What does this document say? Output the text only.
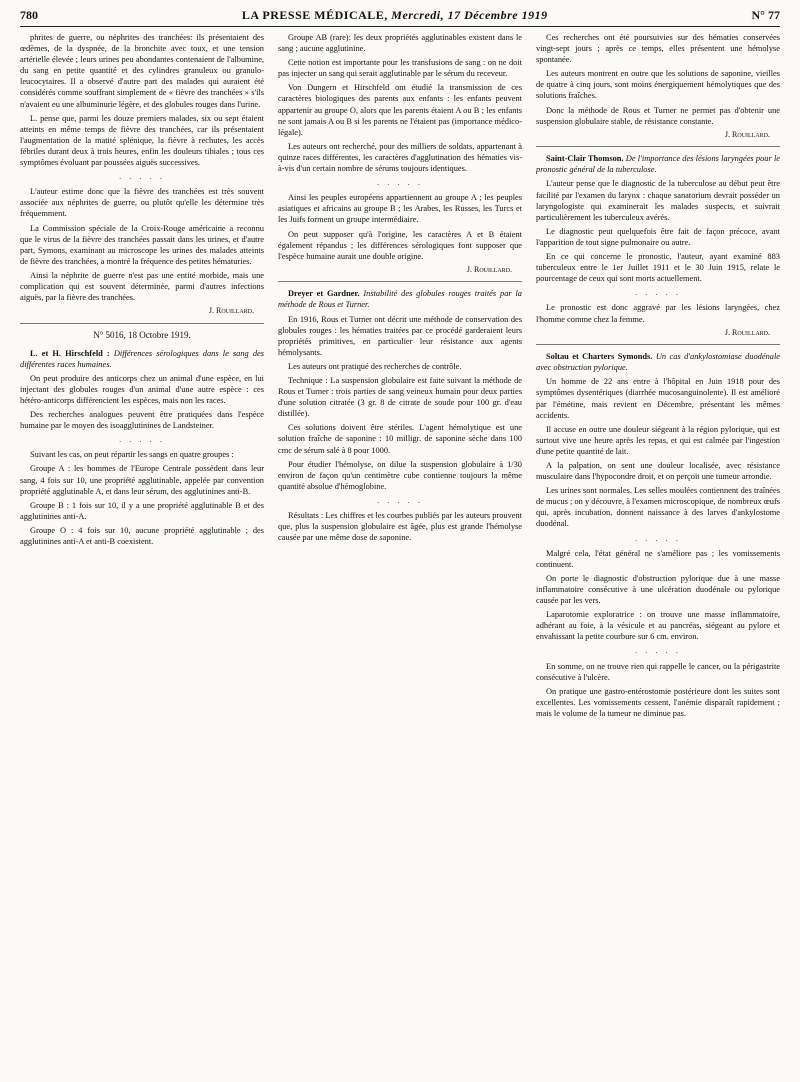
780	LA PRESSE MÉDICALE, Mercredi, 17 Décembre 1919	N° 77

phrites de guerre, ou néphrites des tranchées: ils présentaient des œdèmes, de la dyspnée, de la bronchite avec toux, et une tension artérielle élevée ; leurs urines peu abondantes contenaient de l'albumine, du sang en petite quantité et des cylindres granuleux ou granulo-leucocytaires. Il a observé d'autre part des malades qui auraient été considérés comme souffrant simplement de « fièvre des tranchées » s'ils n'avaient eu une albuminurie légère, et des globules rouges dans l'urine.

L. pense que, parmi les douze premiers malades, six ou sept étaient atteints en même temps de fièvre des tranchées, car ils présentaient l'augmentation de la matité splénique, la fièvre à rechutes, les accès fébriles durant deux à trois heures, enfin les douleurs tibiales ; tous ces symptômes évoluant par poussées aiguës successives.

. . . . .

L'auteur estime donc que la fièvre des tranchées est très souvent associée aux néphrites de guerre, ou plutôt qu'elle les détermine très fréquemment.

La Commission spéciale de la Croix-Rouge américaine a reconnu que le virus de la fièvre des tranchées passait dans les urines, et d'autre part, Symons, examinant au microscope les urines des malades atteints de fièvre des tranchées, a montré la fréquence des petites hématuries.

Ainsi la néphrite de guerre n'est pas une entité morbide, mais une complication qui est souvent déterminée, parmi d'autres infections aiguës, par la fièvre des tranchées.

J. Rouillard.
N° 5016, 18 Octobre 1919.

L. et H. Hirschfeld : Différences sérologiques dans le sang des différentes races humaines.

On peut produire des anticorps chez un animal d'une espèce, en lui injectant des globules rouges d'un animal d'une autre espèce : ces hétéro-anticorps différencient les espèces, mais non les races.

Des recherches analogues peuvent être pratiquées dans l'espèce humaine par le moyen des isoagglutinines de Landsteiner.

. . . . .

Suivant les cas, on peut répartir les sangs en quatre groupes :

Groupe A : les hommes de l'Europe Centrale possèdent dans leur sang, 4 fois sur 10, une propriété agglutinable, appelée par convention propriété agglutinable A, et dans leur sérum, des agglutinines anti-B.

Groupe B : 1 fois sur 10, il y a une propriété agglutinable B et des agglutinines anti-A.

Groupe O : 4 fois sur 10, aucune propriété agglutinable ; des agglutinines anti-A et anti-B coexistent.

Groupe AB (rare): les deux propriétés agglutinables existent dans le sang ; aucune agglutinine.

Cette notion est importante pour les transfusions de sang : on ne doit pas injecter un sang qui serait agglutinable par le sérum du receveur.

Von Dungern et Hirschfeld ont étudié la transmission de ces caractères biologiques des parents aux enfants : les enfants peuvent appartenir au groupe O, alors que les parents étaient A ou B ; les enfants ne sont jamais A ou B si les parents ne l'étaient pas (importance médico-légale).

Les auteurs ont recherché, pour des milliers de soldats, appartenant à quinze races différentes, les caractères d'agglutination des hématies vis-à-vis d'un certain nombre de sérums toujours identiques.

. . . . .

Ainsi les peuples européens appartiennent au groupe A ; les peuples asiatiques et africains au groupe B ; les Arabes, les Russes, les Turcs et les Juifs forment un groupe intermédiaire.

On peut supposer qu'à l'origine, les caractères A et B étaient également répandus ; les différences sérologiques font supposer que l'espèce humaine aurait une double origine.

J. Rouillard.

Dreyer et Gardner. Instabilité des globules rouges traités par la méthode de Rous et Turner.

En 1916, Rous et Turner ont décrit une méthode de conservation des globules rouges : les hématies traitées par ce procédé garderaient leurs propriétés primitives, en particulier leur résistance aux agents hémolysants.

Les auteurs ont pratiqué des recherches de contrôle.

Technique : La suspension globulaire est faite suivant la méthode de Rous et Turner : trois parties de sang veineux humain pour deux parties d'une solution citratée (3 gr. 8 de citrate de soude pour 100 gr. d'eau distillée).

Ces solutions doivent être stériles. L'agent hémolytique est une solution fraîche de saponine : 10 milligr. de saponine sèche dans 100 cmc de sérum salé à 8 pour 1000.

Pour étudier l'hémolyse, on dilue la suspension globulaire à 1/30 environ de façon qu'un centimètre cube contienne toujours la même quantité absolue d'hémoglobine.

. . . . .

Résultats : Les chiffres et les courbes publiés par les auteurs prouvent que, plus la suspension globulaire est âgée, plus est grande l'hémolyse causée par une même dose de saponine.

Ces recherches ont été poursuivies sur des hématies conservées vingt-sept jours ; après ce temps, elles présentent une hémolyse spontanée.

Les auteurs montrent en outre que les solutions de saponine, vieilles de quatre à cinq jours, sont moins énergiquement hémolytiques que des solutions fraîches.

Donc la méthode de Rous et Turner ne permet pas d'obtenir une suspension globulaire stable, de résistance constante.

J. Rouillard.

Saint-Clair Thomson. De l'importance des lésions laryngées pour le pronostic général de la tuberculose.

L'auteur pense que le diagnostic de la tuberculose au début peut être facilité par l'examen du larynx : chaque sanatorium devrait posséder un laryngologiste qui examinerait les malades suspects, et suivrait particulièrement les tuberculeux avérés.

Le diagnostic peut quelquefois être fait de façon précoce, avant l'apparition de tout signe pulmonaire ou autre.

En ce qui concerne le pronostic, l'auteur, ayant examiné 883 tuberculeux entre le 1er Juillet 1911 et le 30 Juin 1915, relate le pourcentage de ceux qui sont morts actuellement.

. . . . .

Le pronostic est donc aggravé par les lésions laryngées, chez l'homme comme chez la femme.

J. Rouillard.

Soltau et Charters Symonds. Un cas d'ankylostomiase duodénale avec obstruction pylorique.

Un homme de 22 ans entre à l'hôpital en Juin 1918 pour des symptômes dysentériques (diarrhée mucosanguinolente). Il est amélioré par l'émétine, mais revient en Décembre, présentant les mêmes accidents.

Il accuse en outre une douleur siégeant à la région pylorique, qui est surtout vive une heure après les repas, et qui est calmée par l'ingestion d'une petite quantité de lait.

A la palpation, on sent une douleur localisée, avec résistance musculaire dans l'hypocondre droit, et on perçoit une tumeur arrondie.

Les urines sont normales. Les selles moulées contiennent des traînées de mucus ; on y découvre, à l'examen microscopique, de nombreux œufs qui, après incubation, donnent naissance à des larves d'ankylostome duodénal.

. . . . .

Malgré cela, l'état général ne s'améliore pas ; les vomissements continuent.

On porte le diagnostic d'obstruction pylorique due à une masse inflammatoire consécutive à une ulcération duodénale ou pylorique causée par les vers.

Laparotomie exploratrice : on trouve une masse inflammatoire, adhérant au foie, à la vésicule et au pancréas, siégeant au pylore et envahissant la petite courbure sur 6 cm. environ.

. . . . .

En somme, on ne trouve rien qui rappelle le cancer, ou la périgastrite consécutive à l'ulcère.

On pratique une gastro-entérostomie postérieure dont les suites sont excellentes. Les vomissements cessent, l'anémie disparaît rapidement ; mais le volume de la tumeur ne diminue pas.
